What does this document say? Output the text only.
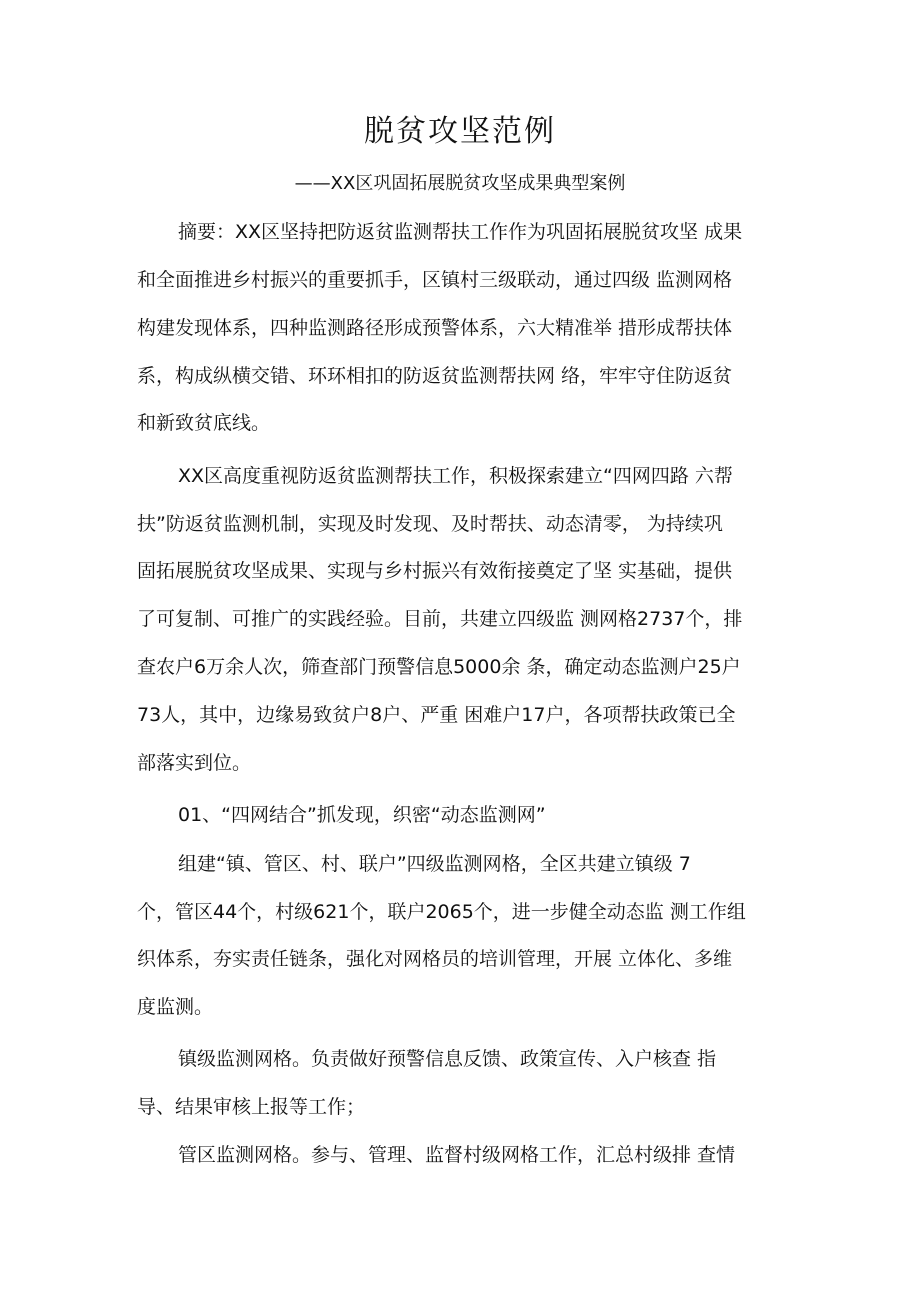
脱贫攻坚范例
——XX区巩固拓展脱贫攻坚成果典型案例
摘要：XX区坚持把防返贫监测帮扶工作作为巩固拓展脱贫攻坚 成果
和全面推进乡村振兴的重要抓手，区镇村三级联动，通过四级 监测网格
构建发现体系，四种监测路径形成预警体系，六大精准举 措形成帮扶体
系，构成纵横交错、环环相扣的防返贫监测帮扶网 络，牢牢守住防返贫
和新致贫底线。
XX区高度重视防返贫监测帮扶工作，积极探索建立“四网四路 六帮
扶”防返贫监测机制，实现及时发现、及时帮扶、动态清零， 为持续巩
固拓展脱贫攻坚成果、实现与乡村振兴有效衔接奠定了坚 实基础，提供
了可复制、可推广的实践经验。目前，共建立四级监 测网格2737个，排
查农户6万余人次，筛查部门预警信息5000余 条，确定动态监测户25户
73人，其中，边缘易致贫户8户、严重 困难户17户，各项帮扶政策已全
部落实到位。
01、“四网结合”抓发现，织密“动态监测网”
组建“镇、管区、村、联户”四级监测网格，全区共建立镇级 7
个，管区44个，村级621个，联户2065个，进一步健全动态监 测工作组
织体系，夯实责任链条，强化对网格员的培训管理，开展 立体化、多维
度监测。
镇级监测网格。负责做好预警信息反馈、政策宣传、入户核查 指
导、结果审核上报等工作；
管区监测网格。参与、管理、监督村级网格工作，汇总村级排 查情
